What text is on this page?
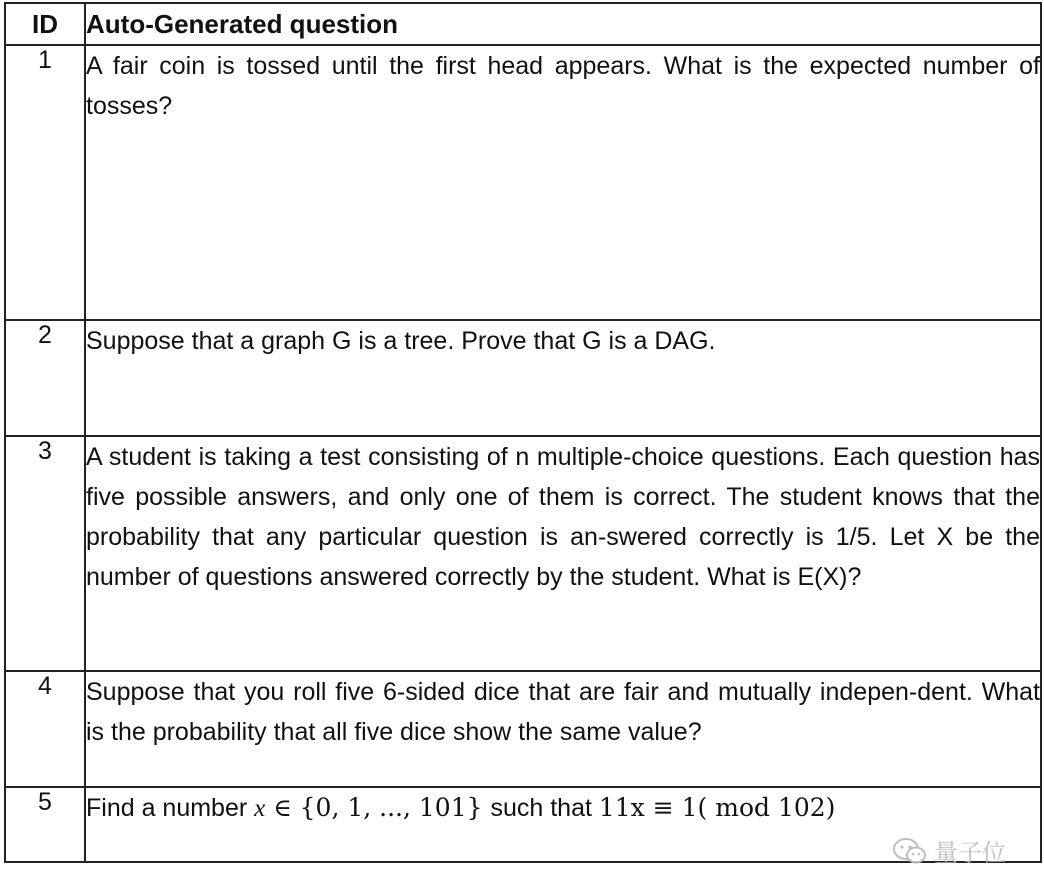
ID	Auto-Generated question
1	A fair coin is tossed until the first head appears. What is the expected number of tosses?
2	Suppose that a graph G is a tree. Prove that G is a DAG.
3	A student is taking a test consisting of n multiple-choice questions. Each question has five possible answers, and only one of them is correct. The student knows that the probability that any particular question is an-swered correctly is 1/5. Let X be the number of questions answered correctly by the student. What is E(X)?
4	Suppose that you roll five 6-sided dice that are fair and mutually indepen-dent. What is the probability that all five dice show the same value?
5	Find a number x ∈ {0, 1, ..., 101} such that 11x ≡ 1( mod 102)
量子位
